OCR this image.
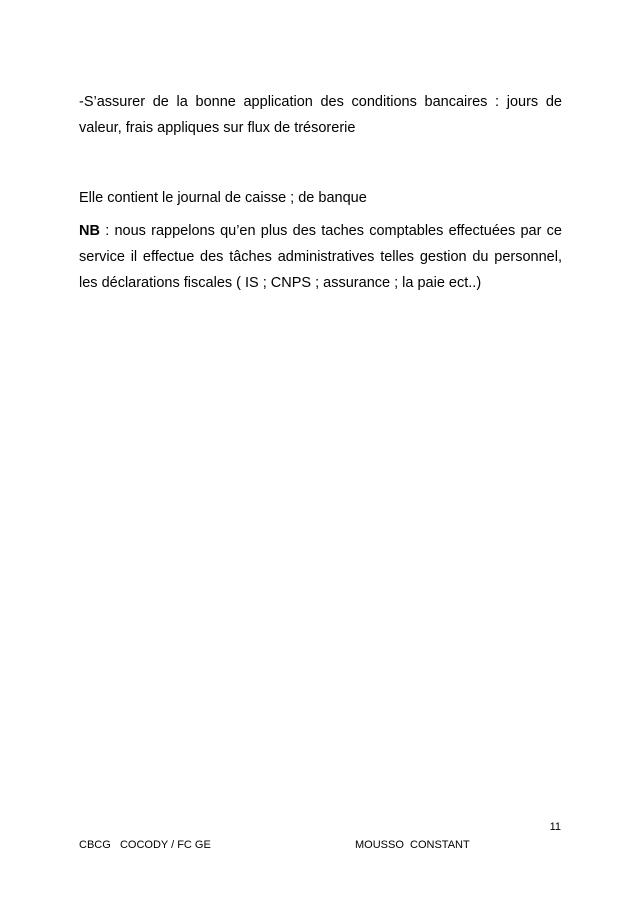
-S’assurer de la bonne application des conditions bancaires : jours de valeur, frais appliques sur flux de trésorerie

Elle contient le journal de caisse ; de banque

NB : nous rappelons qu’en plus des taches comptables effectuées par ce service il effectue des tâches administratives telles gestion du personnel, les déclarations fiscales ( IS ; CNPS ; assurance ; la paie ect..)

11
CBCG   COCODY / FC GE	MOUSSO  CONSTANT
